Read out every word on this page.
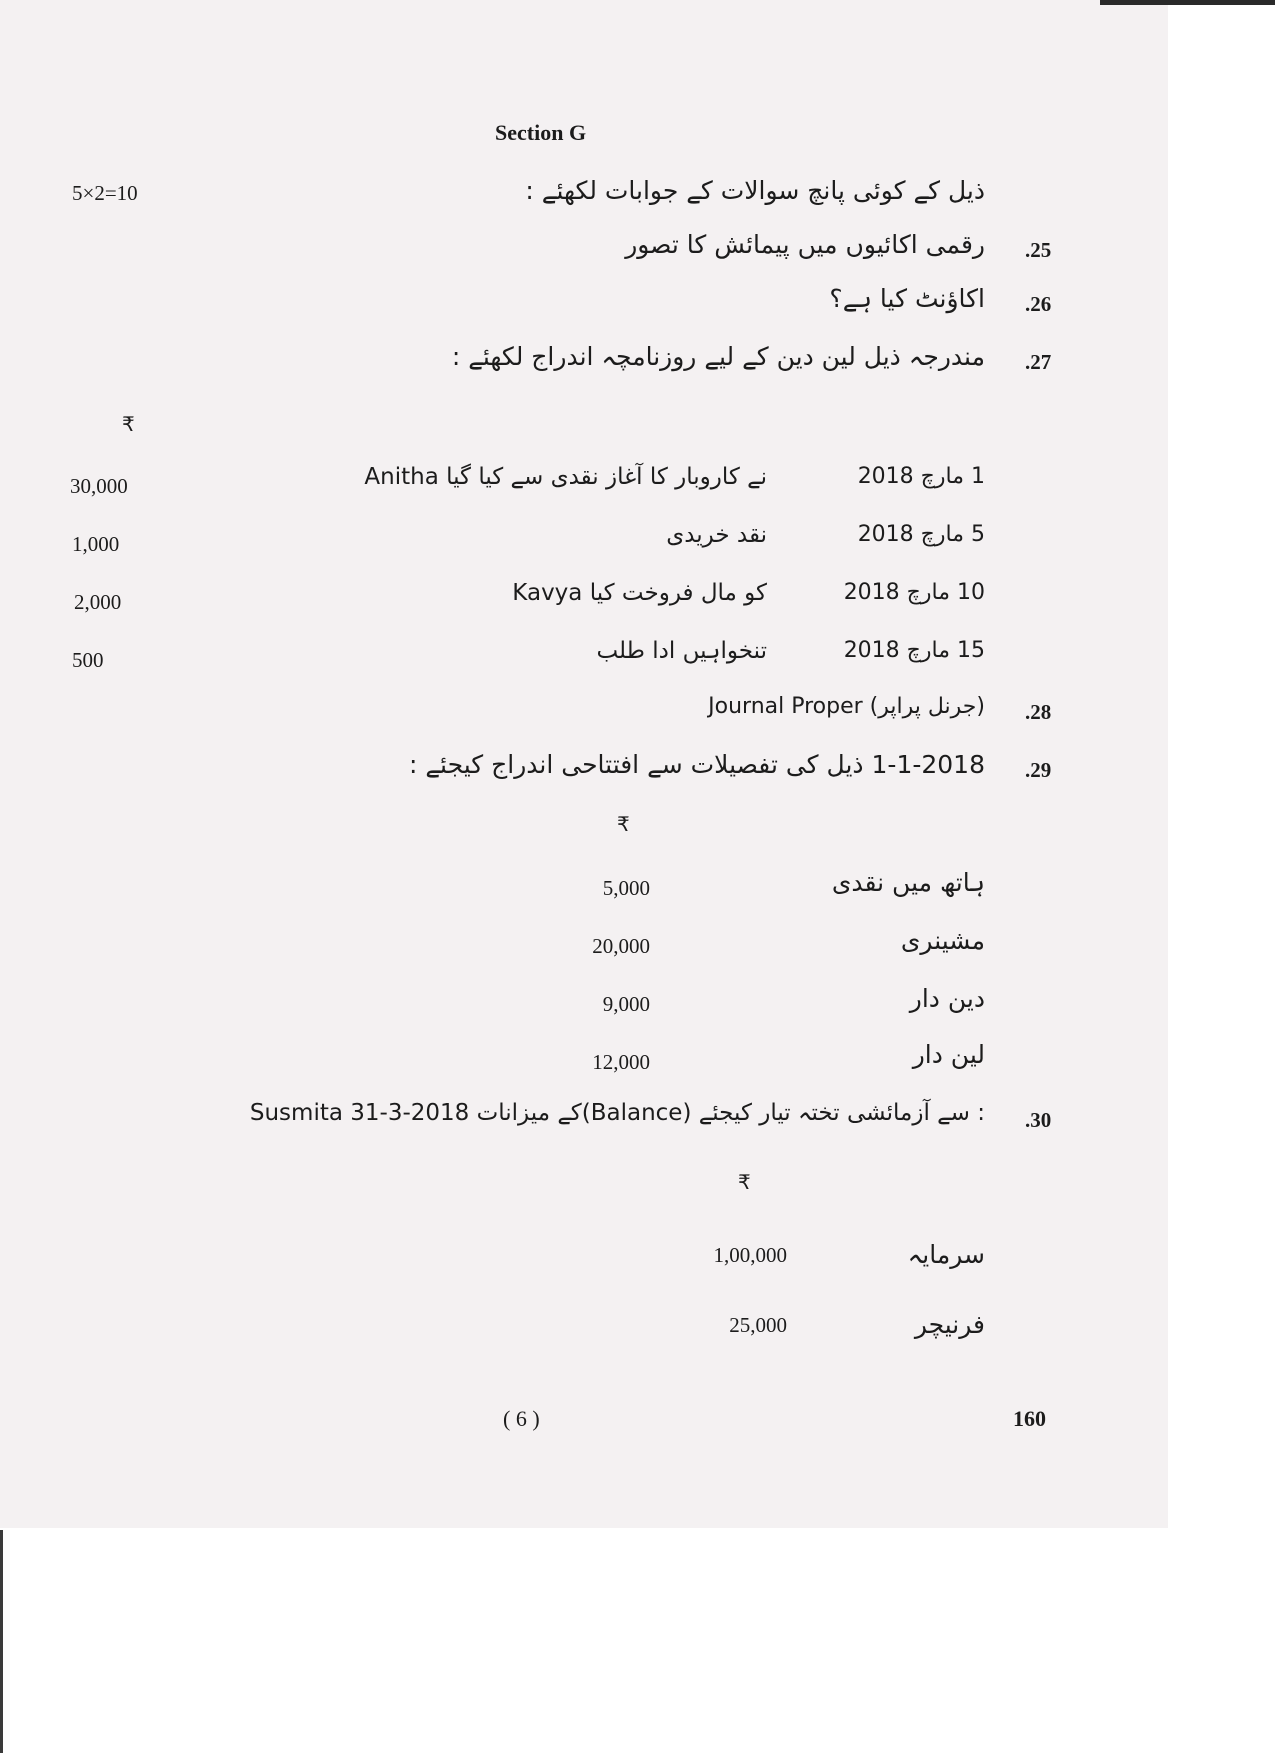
Section G
5×2=10	ذیل کے کوئی پانچ سوالات کے جوابات لکھئے :
.25
رقمی اکائیوں میں پیمائش کا تصور
.26
اکاؤنٹ کیا ہے؟
.27
مندرجہ ذیل لین دین کے لیے روزنامچہ اندراج لکھئے :
₹
1 مارچ 2018
Anitha نے کاروبار کا آغاز نقدی سے کیا گیا
30,000
5 مارچ 2018
نقد خریدی
1,000
10 مارچ 2018
Kavya کو مال فروخت کیا
2,000
15 مارچ 2018
تنخواہیں ادا طلب
500
.28
Journal Proper (جرنل پراپر)
.29
1-1-2018 ذیل کی تفصیلات سے افتتاحی اندراج کیجئے :
₹
ہاتھ میں نقدی
5,000
مشینری
20,000
دین دار
9,000
لین دار
12,000
.30
Susmita 31-3-2018 کے میزانات(Balance) سے آزمائشی تختہ تیار کیجئے :
₹
سرمایہ
1,00,000
فرنیچر
25,000
( 6 )	160
